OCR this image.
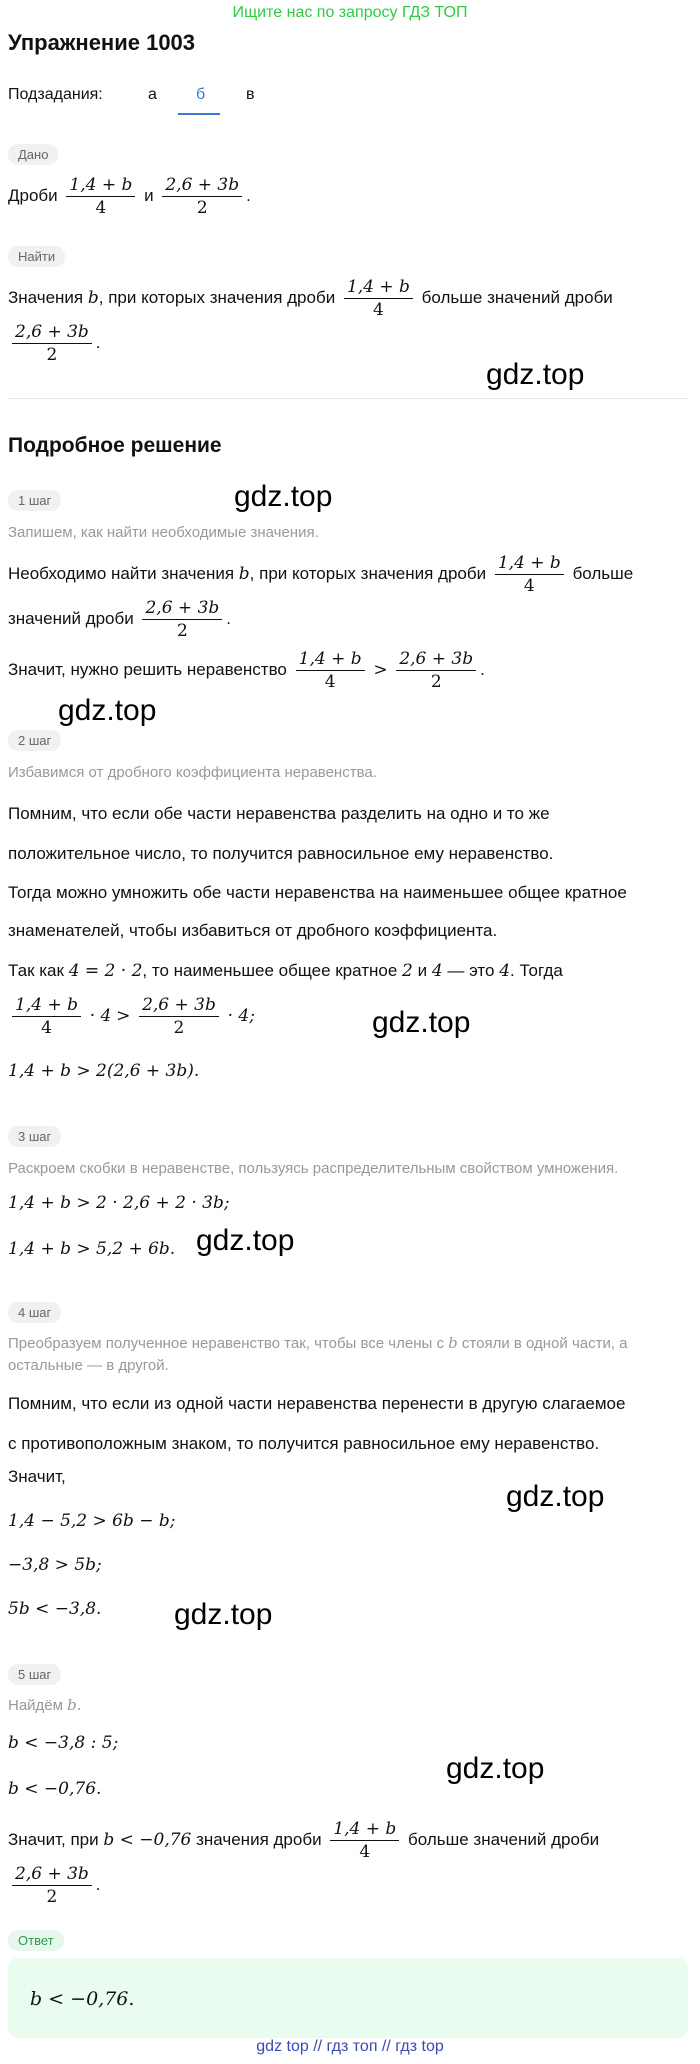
Ищите нас по запросу ГДЗ ТОП
Упражнение 1003
Подзадания:	а б	в
Дано
Дроби $\frac{1,4 + b}{4}$ и $\frac{2,6 + 3b}{2}$ .
Найти
Значения b, при которых значения дроби $\frac{1,4 + b}{4}$ больше значений дроби

$\frac{2,6 + 3b}{2}$ .
gdz.top
Подробное решение
gdz.top
1 шаг
Запишем, как найти необходимые значения.
Необходимо найти значения b, при которых значения дроби $\frac{1,4 + b}{4}$ больше
значений дроби $\frac{2,6 + 3b}{2}$ .
Значит, нужно решить неравенство $\frac{1,4 + b}{4} > \frac{2,6 + 3b}{2}$ .
gdz.top
2 шаг
Избавимся от дробного коэффициента неравенства.
Помним, что если обе части неравенства разделить на одно и то же
положительное число, то получится равносильное ему неравенство.
Тогда можно умножить обе части неравенства на наименьшее общее кратное
знаменателей, чтобы избавиться от дробного коэффициента.
Так как 4 = 2 · 2, то наименьшее общее кратное 2 и 4 — это 4. Тогда
$\frac{1,4 + b}{4} \cdot 4 > \frac{2,6 + 3b}{2} \cdot 4$;	gdz.top
1,4 + b > 2(2,6 + 3b).
3 шаг
Раскроем скобки в неравенстве, пользуясь распределительным свойством умножения.
1,4 + b > 2 · 2,6 + 2 · 3b;
1,4 + b > 5,2 + 6b. gdz.top
4 шаг
Преобразуем полученное неравенство так, чтобы все члены с b стояли в одной части, а
остальные — в другой.
Помним, что если из одной части неравенства перенести в другую слагаемое
с противоположным знаком, то получится равносильное ему неравенство.
Значит,
gdz.top
1,4 − 5,2 > 6b − b;
−3,8 > 5b;
5b < −3,8.	gdz.top
5 шаг
Найдём b.
b < −3,8 : 5;
b < −0,76.
gdz.top
Значит, при b < −0,76 значения дроби $\frac{1,4 + b}{4}$ больше значений дроби

$\frac{2,6 + 3b}{2}$ .
Ответ
b < −0,76.
gdz top // гдз топ // гдз top
